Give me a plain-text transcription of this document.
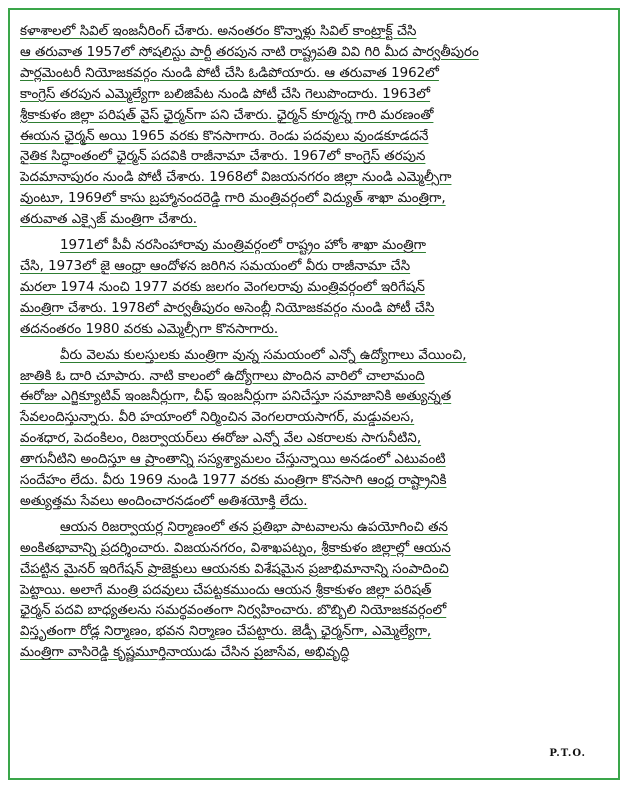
కళాశాలలో సివిల్ ఇంజనీరింగ్ చేశారు. అనంతరం కొన్నాళ్లు సివిల్ కాంట్రాక్ట్ చేసి
ఆ తరువాత 1957లో సోషలిస్టు పార్టీ తరపున నాటి రాష్ట్రపతి వివి గిరి మీద పార్వతీపురం
పార్లమెంటరీ నియోజకవర్గం నుండి పోటీ చేసి ఓడిపోయారు. ఆ తరువాత 1962లో
కాంగ్రెస్ తరపున ఎమ్మెల్యేగా బలిజిపేట నుండి పోటీ చేసి గెలుపొందారు. 1963లో
శ్రీకాకుళం జిల్లా పరిషత్ వైస్ ఛైర్మన్‌గా పని చేశారు. ఛైర్మన్ కూర్మన్న గారి మరణంతో
ఈయన ఛైర్మన్ అయి 1965 వరకు కొనసాగారు. రెండు పదవులు వుండకూడదనే
నైతిక సిద్ధాంతంలో ఛైర్మన్ పదవికి రాజీనామా చేశారు. 1967లో కాంగ్రెస్ తరపున
పెదమానాపురం నుండి పోటీ చేశారు. 1968లో విజయనగరం జిల్లా నుండి ఎమ్మెల్సీగా
వుంటూ, 1969లో కాసు బ్రహ్మానందరెడ్డి గారి మంత్రివర్గంలో విద్యుత్ శాఖా మంత్రిగా,
తరువాత ఎక్సైజ్ మంత్రిగా చేశారు.

1971లో పీవీ నరసింహారావు మంత్రివర్గంలో రాష్ట్రం హోం శాఖా మంత్రిగా
చేసి, 1973లో జై ఆంధ్రా ఆందోళన జరిగిన సమయంలో వీరు రాజీనామా చేసి
మరలా 1974 నుంచి 1977 వరకు జలగం వెంగలరావు మంత్రివర్గంలో ఇరిగేషన్
మంత్రిగా చేశారు. 1978లో పార్వతీపురం అసెంబ్లీ నియోజకవర్గం నుండి పోటీ చేసి
తదనంతరం 1980 వరకు ఎమ్మెల్సీగా కొనసాగారు.

వీరు వెలమ కులస్తులకు మంత్రిగా వున్న సమయంలో ఎన్నో ఉద్యోగాలు వేయించి,
జాతికి ఓ దారి చూపారు. నాటి కాలంలో ఉద్యోగాలు పొందిన వారిలో చాలామంది
ఈరోజు ఎగ్జిక్యూటివ్ ఇంజనీర్లుగా, చీఫ్ ఇంజనీర్లుగా పనిచేస్తూ సమాజానికి అత్యున్నత
సేవలందిస్తున్నారు. వీరి హయాంలో నిర్మించిన వెంగలరాయసాగర్, మడ్డువలస,
వంశధార, పెదంకిలం, రిజర్వాయర్‌లు ఈరోజు ఎన్నో వేల ఎకరాలకు సాగునీటిని,
తాగునీటిని అందిస్తూ ఆ ప్రాంతాన్ని సస్యశ్యామలం చేస్తున్నాయి అనడంలో ఎటువంటి
సందేహం లేదు. వీరు 1969 నుండి 1977 వరకు మంత్రిగా కొనసాగి ఆంధ్ర రాష్ట్రానికి
అత్యుత్తమ సేవలు అందించారనడంలో అతిశయోక్తి లేదు.

ఆయన రిజర్వాయర్ల నిర్మాణంలో తన ప్రతిభా పాటవాలను ఉపయోగించి తన
అంకితభావాన్ని ప్రదర్శించారు. విజయనగరం, విశాఖపట్నం, శ్రీకాకుళం జిల్లాల్లో ఆయన
చేపట్టిన మైనర్ ఇరిగేషన్ ప్రాజెక్టులు ఆయనకు విశేషమైన ప్రజాభిమానాన్ని సంపాదించి
పెట్టాయి. అలాగే మంత్రి పదవులు చేపట్టకముందు ఆయన శ్రీకాకుళం జిల్లా పరిషత్
ఛైర్మన్ పదవి బాధ్యతలను సమర్థవంతంగా నిర్వహించారు. బొబ్బిలి నియోజకవర్గంలో
విస్తృతంగా రోడ్ల నిర్మాణం, భవన నిర్మాణం చేపట్టారు. జెడ్పీ ఛైర్మన్‌గా, ఎమ్మెల్యేగా,
మంత్రిగా వాసిరెడ్డి కృష్ణమూర్తినాయుడు చేసిన ప్రజాసేవ, అభివృద్ధి

P.T.O.
